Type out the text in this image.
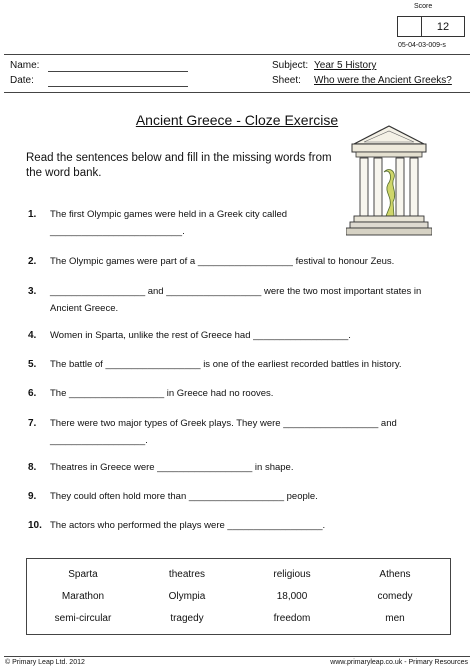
Score
12
05-04-03-009-s
Name:
Date:
Subject: Year 5 History
Sheet: Who were the Ancient Greeks?
Ancient Greece - Cloze Exercise
Read the sentences below and fill in the missing words from the word bank.
1. The first Olympic games were held in a Greek city called
_________________________.
2. The Olympic games were part of a __________________ festival to honour Zeus.
3. __________________ and __________________ were the two most important states in
Ancient Greece.
4. Women in Sparta, unlike the rest of Greece had __________________.
5. The battle of __________________ is one of the earliest recorded battles in history.
6. The __________________ in Greece had no rooves.
7. There were two major types of Greek plays. They were __________________ and
__________________.
8. Theatres in Greece were __________________ in shape.
9. They could often hold more than __________________ people.
10. The actors who performed the plays were __________________.
Sparta	theatres	religious	Athens
Marathon	Olympia	18,000	comedy
semi-circular	tragedy	freedom	men
© Primary Leap Ltd. 2012	www.primaryleap.co.uk - Primary Resources
